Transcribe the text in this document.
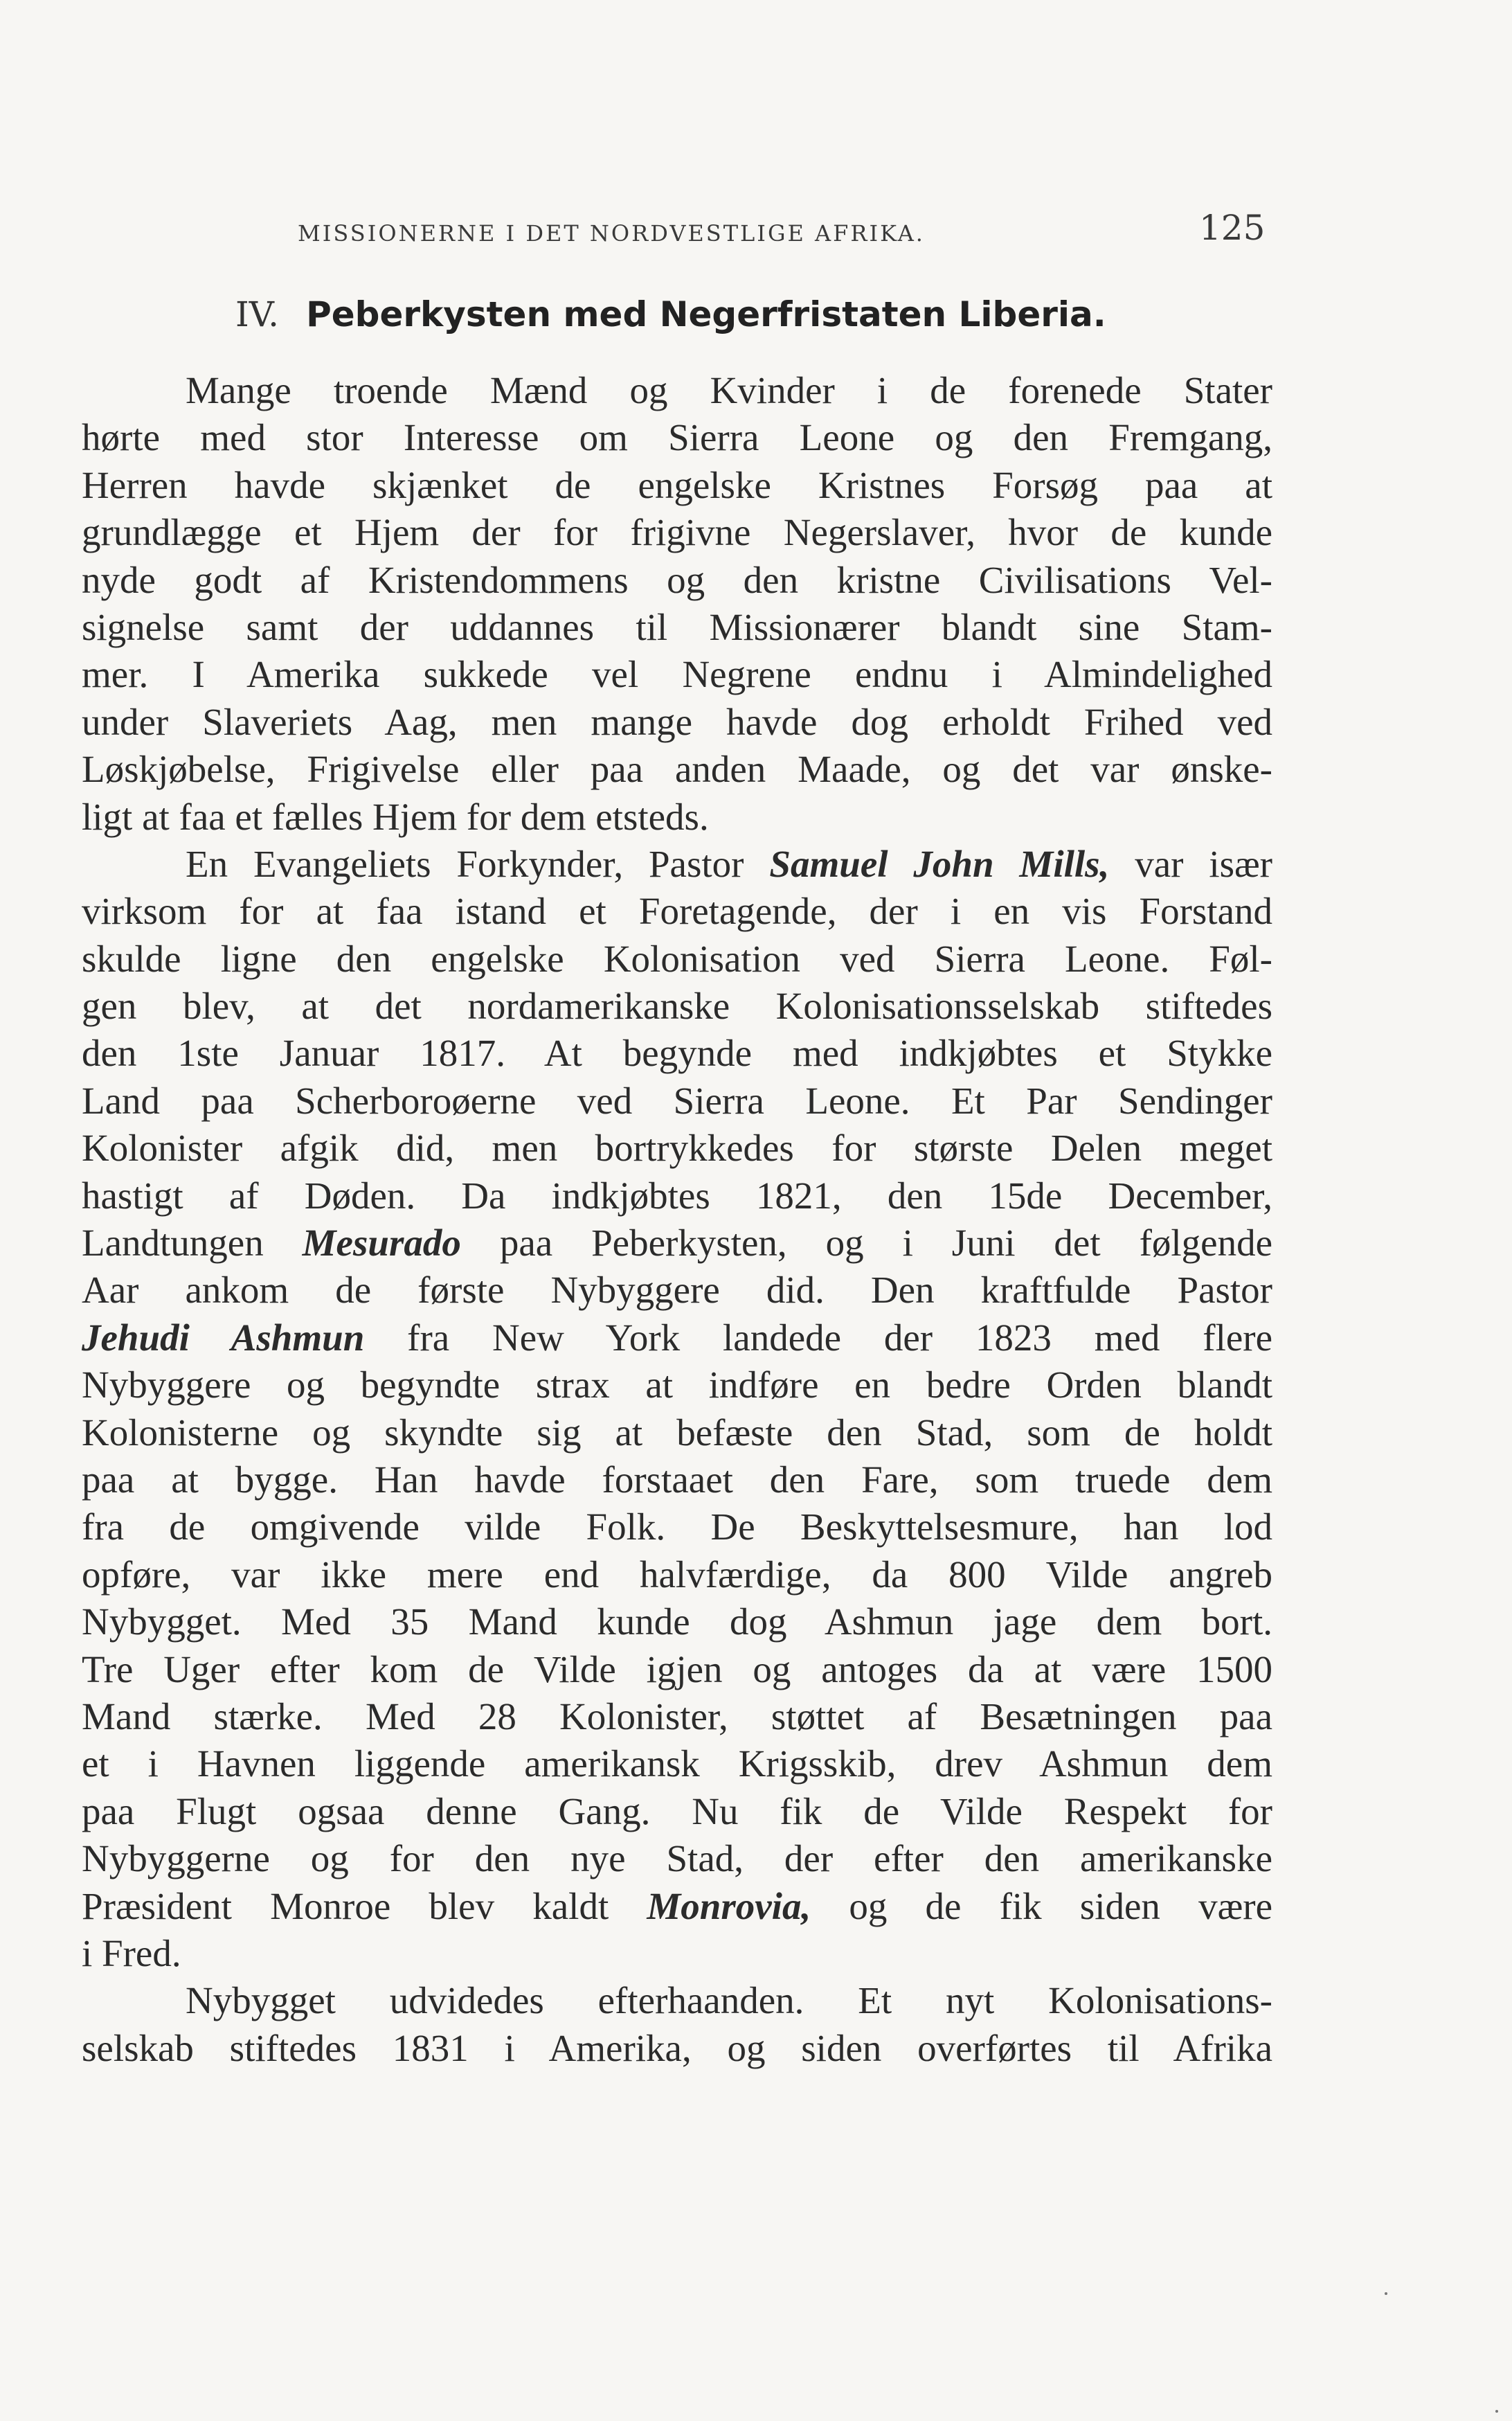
MISSIONERNE I DET NORDVESTLIGE AFRIKA.	125
IV. Peberkysten med Negerfristaten Liberia.
Mange troende Mænd og Kvinder i de forenede Stater
hørte med stor Interesse om Sierra Leone og den Fremgang,
Herren havde skjænket de engelske Kristnes Forsøg paa at
grundlægge et Hjem der for frigivne Negerslaver, hvor de kunde
nyde godt af Kristendommens og den kristne Civilisations Vel-
signelse samt der uddannes til Missionærer blandt sine Stam-
mer. I Amerika sukkede vel Negrene endnu i Almindelighed
under Slaveriets Aag, men mange havde dog erholdt Frihed ved
Løskjøbelse, Frigivelse eller paa anden Maade, og det var ønske-
ligt at faa et fælles Hjem for dem etsteds.
En Evangeliets Forkynder, Pastor Samuel John Mills, var især
virksom for at faa istand et Foretagende, der i en vis Forstand
skulde ligne den engelske Kolonisation ved Sierra Leone. Føl-
gen blev, at det nordamerikanske Kolonisationsselskab stiftedes
den 1ste Januar 1817. At begynde med indkjøbtes et Stykke
Land paa Scherboroøerne ved Sierra Leone. Et Par Sendinger
Kolonister afgik did, men bortrykkedes for største Delen meget
hastigt af Døden. Da indkjøbtes 1821, den 15de December,
Landtungen Mesurado paa Peberkysten, og i Juni det følgende
Aar ankom de første Nybyggere did. Den kraftfulde Pastor
Jehudi Ashmun fra New York landede der 1823 med flere
Nybyggere og begyndte strax at indføre en bedre Orden blandt
Kolonisterne og skyndte sig at befæste den Stad, som de holdt
paa at bygge. Han havde forstaaet den Fare, som truede dem
fra de omgivende vilde Folk. De Beskyttelsesmure, han lod
opføre, var ikke mere end halvfærdige, da 800 Vilde angreb
Nybygget. Med 35 Mand kunde dog Ashmun jage dem bort.
Tre Uger efter kom de Vilde igjen og antoges da at være 1500
Mand stærke. Med 28 Kolonister, støttet af Besætningen paa
et i Havnen liggende amerikansk Krigsskib, drev Ashmun dem
paa Flugt ogsaa denne Gang. Nu fik de Vilde Respekt for
Nybyggerne og for den nye Stad, der efter den amerikanske
Præsident Monroe blev kaldt Monrovia, og de fik siden være
i Fred.
Nybygget udvidedes efterhaanden. Et nyt Kolonisations-
selskab stiftedes 1831 i Amerika, og siden overførtes til Afrika
